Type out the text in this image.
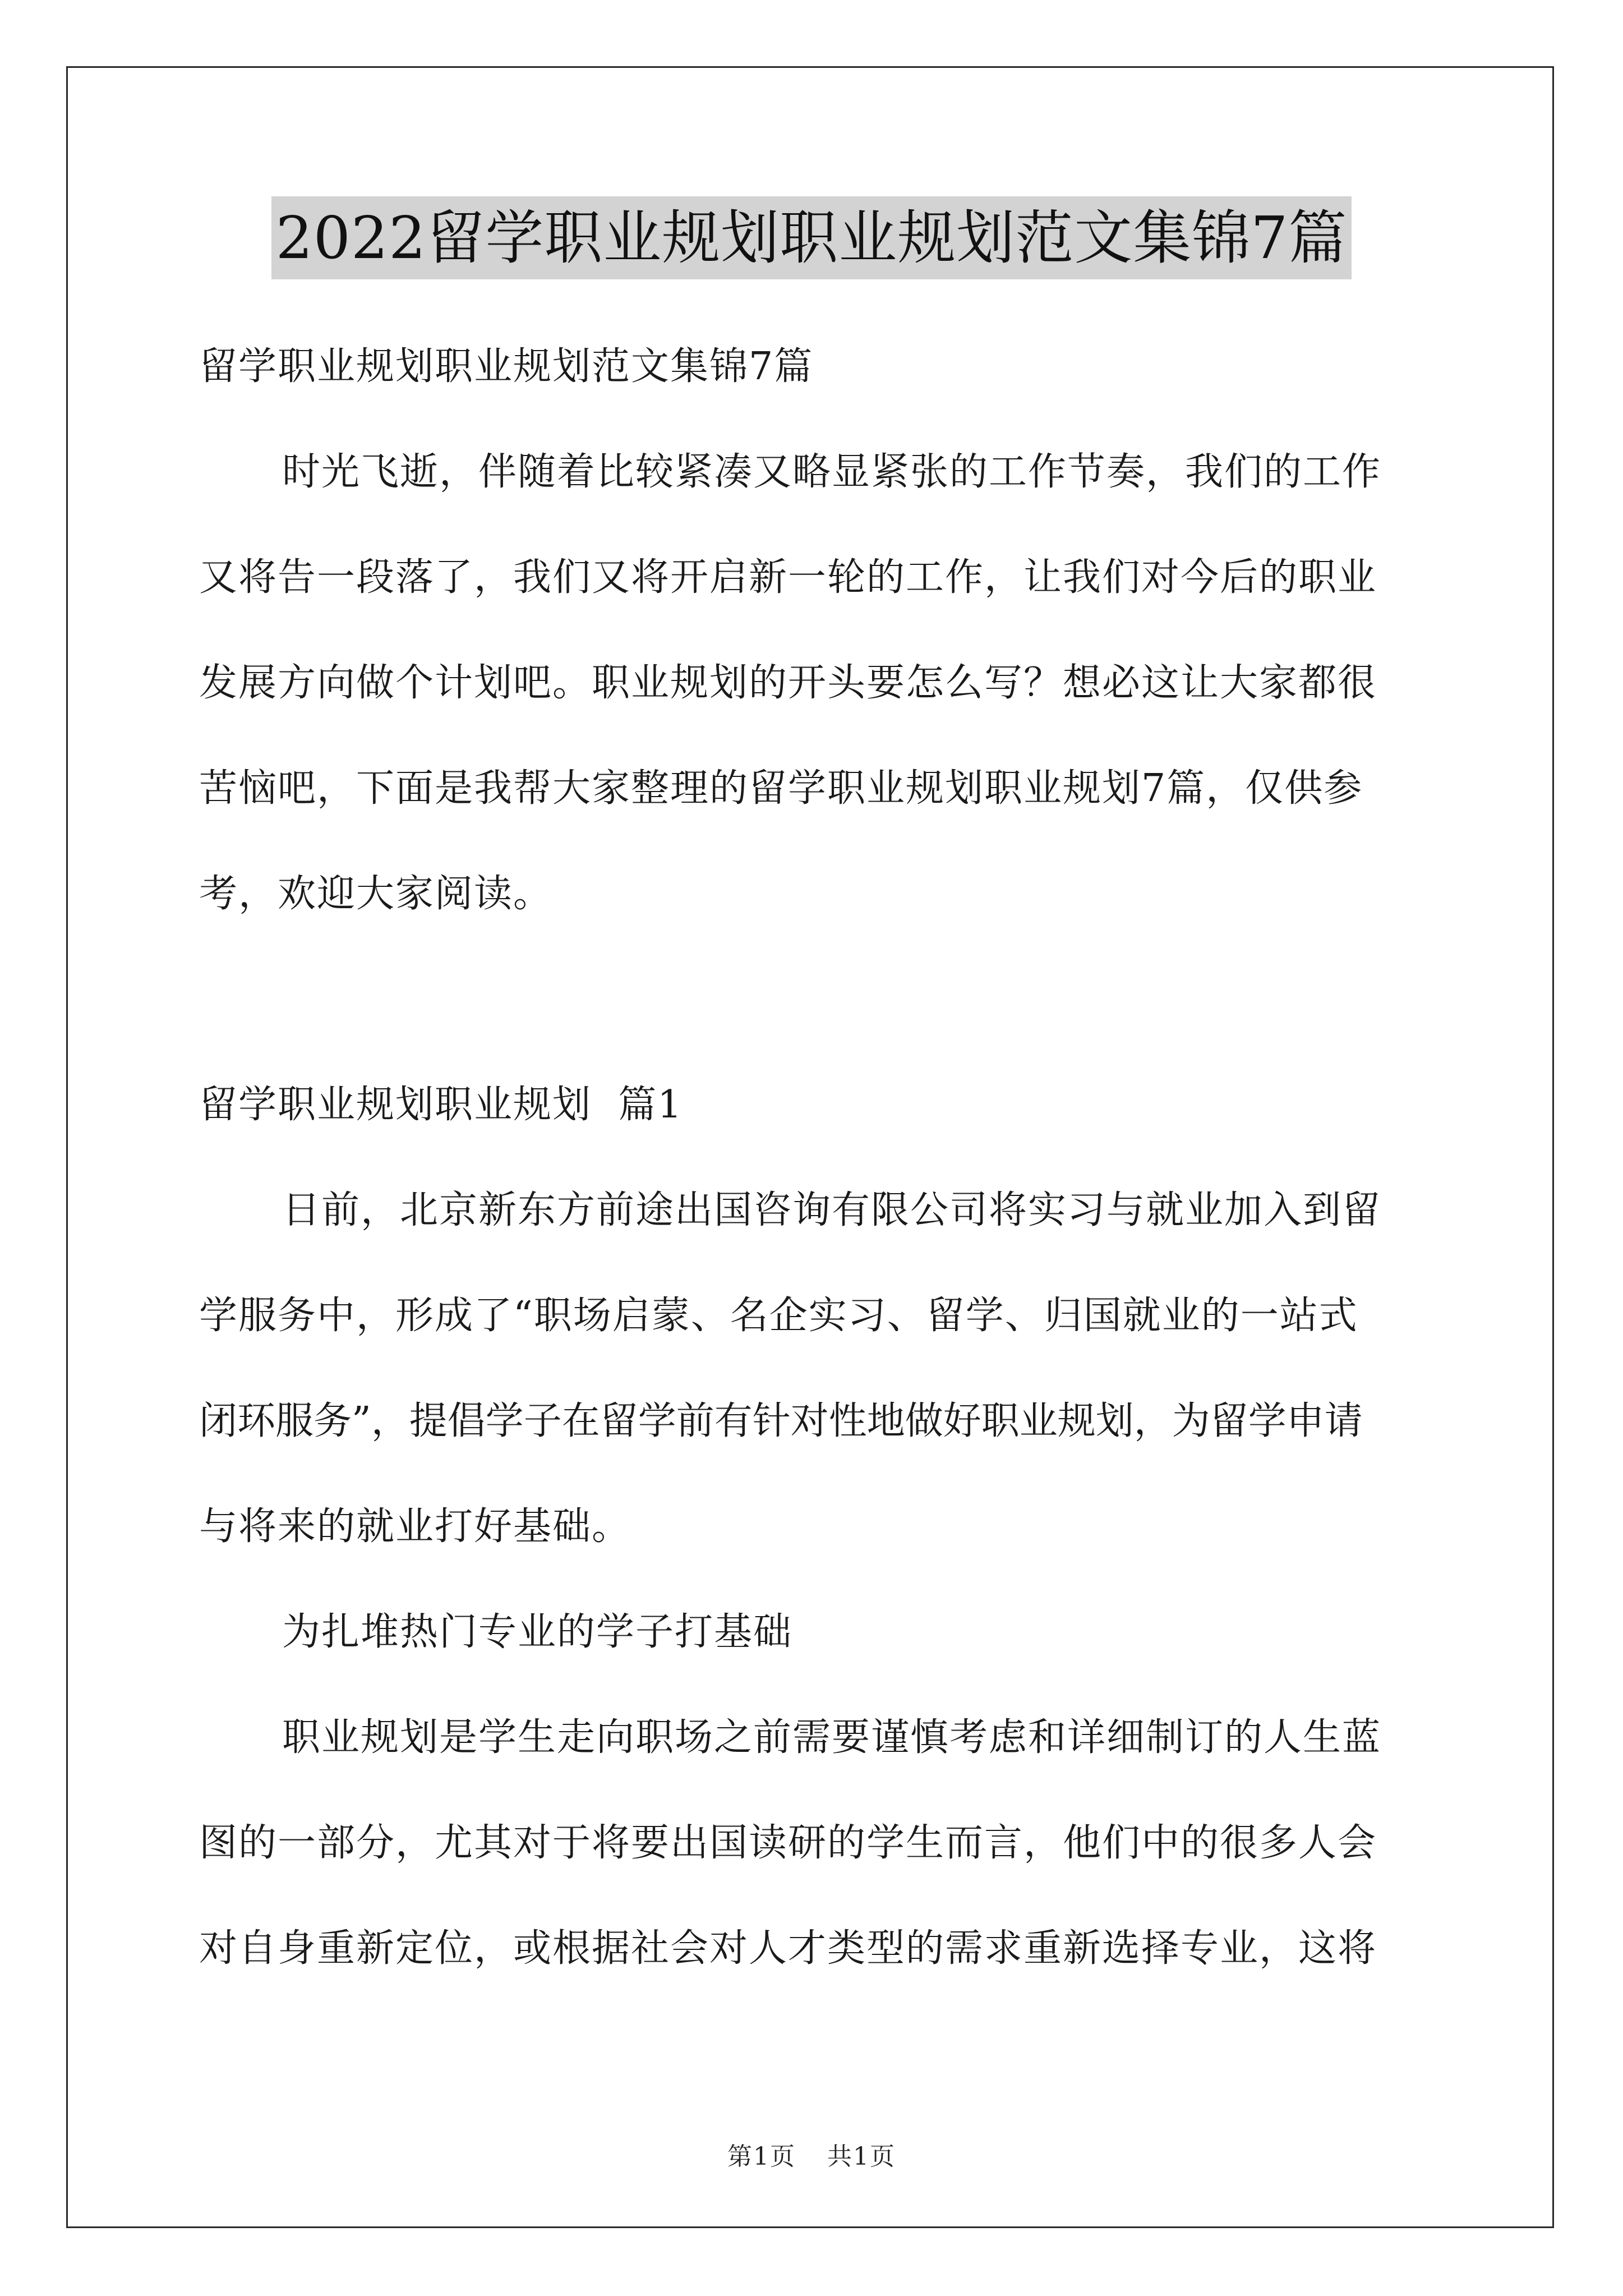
2022留学职业规划职业规划范文集锦7篇
留学职业规划职业规划范文集锦7篇
时光飞逝，伴随着比较紧凑又略显紧张的工作节奏，我们的工作
又将告一段落了，我们又将开启新一轮的工作，让我们对今后的职业
发展方向做个计划吧。职业规划的开头要怎么写？想必这让大家都很
苦恼吧，下面是我帮大家整理的留学职业规划职业规划7篇，仅供参
考，欢迎大家阅读。
留学职业规划职业规划  篇1
日前，北京新东方前途出国咨询有限公司将实习与就业加入到留
学服务中，形成了“职场启蒙、名企实习、留学、归国就业的一站式
闭环服务”，提倡学子在留学前有针对性地做好职业规划，为留学申请
与将来的就业打好基础。
为扎堆热门专业的学子打基础
职业规划是学生走向职场之前需要谨慎考虑和详细制订的人生蓝
图的一部分，尤其对于将要出国读研的学生而言，他们中的很多人会
对自身重新定位，或根据社会对人才类型的需求重新选择专业，这将
第1页 共1页
